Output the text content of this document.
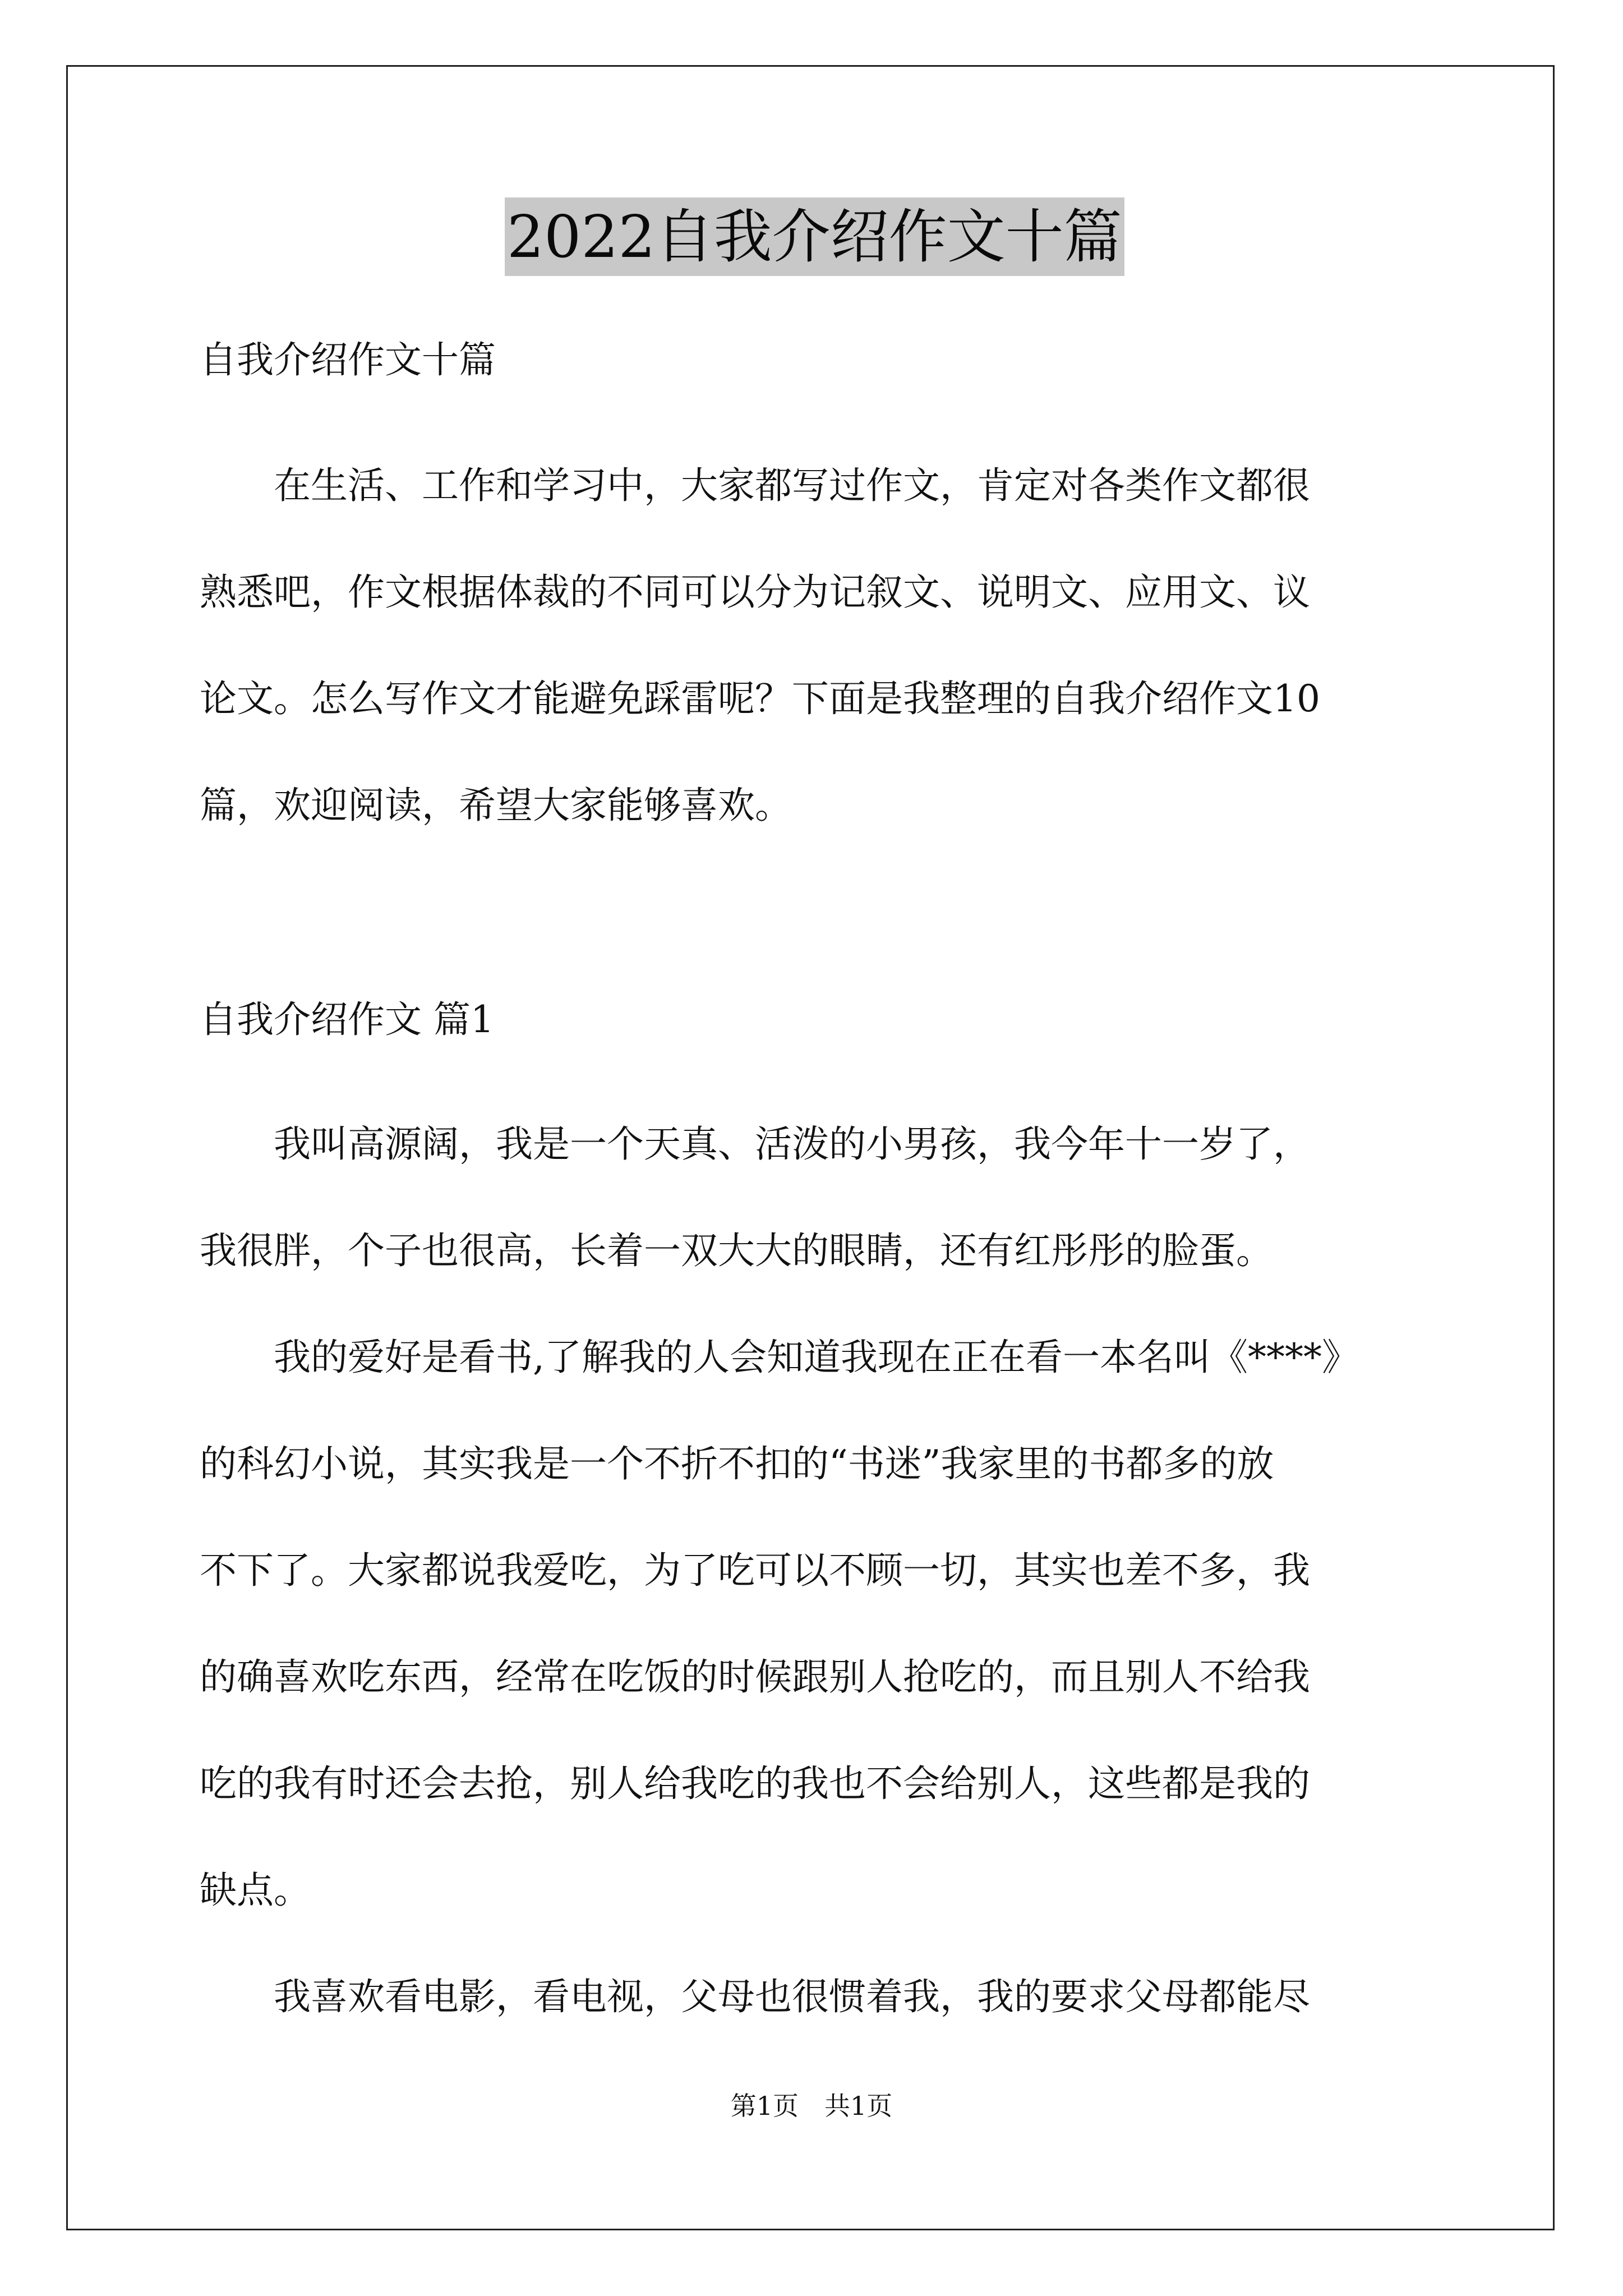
2022自我介绍作文十篇

自我介绍作文十篇

　　在生活、工作和学习中，大家都写过作文，肯定对各类作文都很

熟悉吧，作文根据体裁的不同可以分为记叙文、说明文、应用文、议

论文。怎么写作文才能避免踩雷呢？下面是我整理的自我介绍作文10

篇，欢迎阅读，希望大家能够喜欢。

自我介绍作文 篇1

　　我叫高源阔，我是一个天真、活泼的小男孩，我今年十一岁了，

我很胖，个子也很高，长着一双大大的眼睛，还有红彤彤的脸蛋。

　　我的爱好是看书,了解我的人会知道我现在正在看一本名叫《****》

的科幻小说，其实我是一个不折不扣的“书迷”我家里的书都多的放

不下了。大家都说我爱吃，为了吃可以不顾一切，其实也差不多，我

的确喜欢吃东西，经常在吃饭的时候跟别人抢吃的，而且别人不给我

吃的我有时还会去抢，别人给我吃的我也不会给别人，这些都是我的

缺点。

　　我喜欢看电影，看电视，父母也很惯着我，我的要求父母都能尽

第1页　共1页
